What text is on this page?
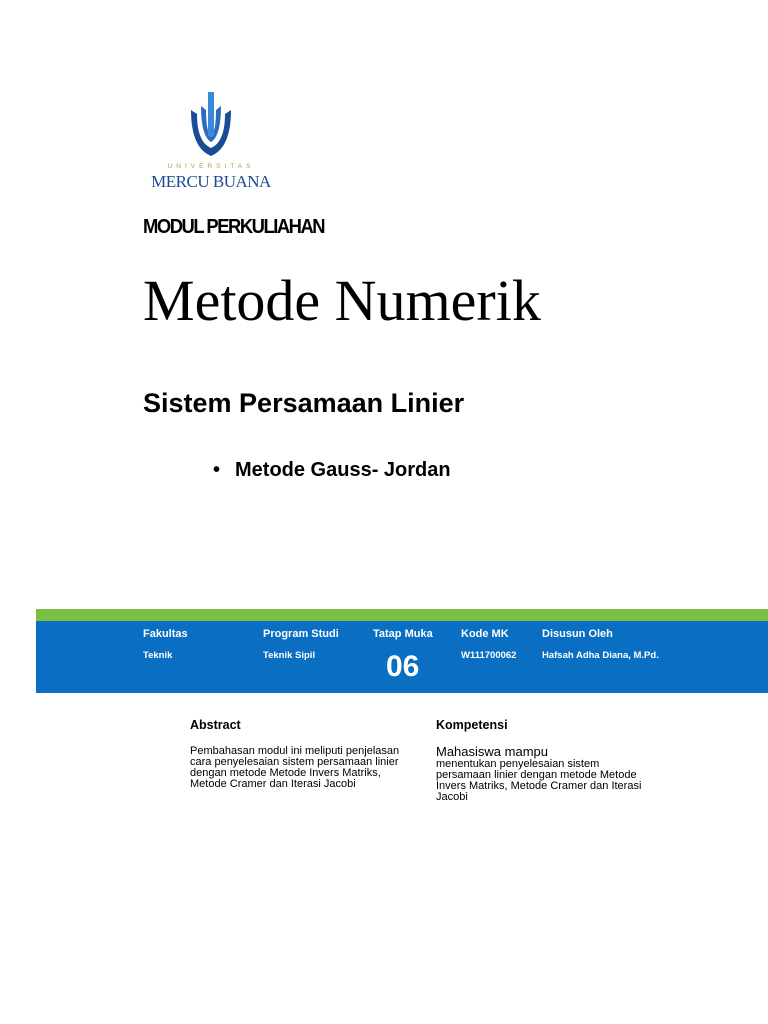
UNIVERSITAS
MERCU BUANA
MODUL PERKULIAHAN
Metode Numerik
Sistem Persamaan Linier
• Metode Gauss- Jordan
Fakultas
Teknik
Program Studi
Teknik Sipil
Tatap Muka
06
Kode MK
W111700062
Disusun Oleh
Hafsah Adha Diana, M.Pd.
Abstract
Pembahasan modul ini meliputi penjelasan
cara penyelesaian sistem persamaan linier
dengan metode Metode Invers Matriks,
Metode Cramer dan Iterasi Jacobi
Kompetensi
Mahasiswa mampu
menentukan penyelesaian sistem
persamaan linier dengan metode Metode
Invers Matriks, Metode Cramer dan Iterasi
Jacobi
